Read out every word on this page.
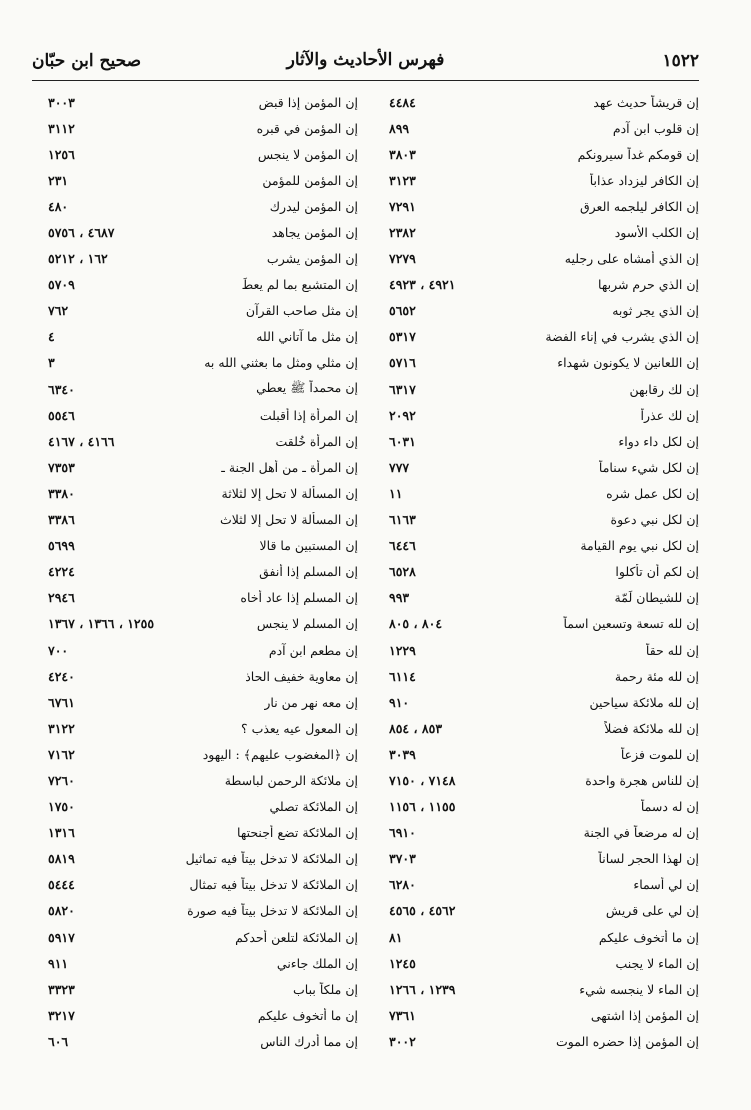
١٥٢٢
فهرس الأحاديث والآثار
صحيح ابن حبّان
إن قريشاً حديث عهد
٤٤٨٤
إن قلوب ابن آدم
٨٩٩
إن قومكم غداً سيرونكم
٣٨٠٣
إن الكافر ليزداد عذاباً
٣١٢٣
إن الكافر ليلجمه العرق
٧٢٩١
إن الكلب الأسود
٢٣٨٢
إن الذي أمشاه على رجليه
٧٢٧٩
إن الذي حرم شربها
٤٩٢١ ، ٤٩٢٣
إن الذي يجر ثوبه
٥٦٥٢
إن الذي يشرب في إناء الفضة
٥٣١٧
إن اللعانين لا يكونون شهداء
٥٧١٦
إن لك رقابهن
٦٣١٧
إن لك عذراً
٢٠٩٢
إن لكل داء دواء
٦٠٣١
إن لكل شيء سناماً
٧٧٧
إن لكل عمل شره
١١
إن لكل نبي دعوة
٦١٦٣
إن لكل نبي يوم القيامة
٦٤٤٦
إن لكم أن تأكلوا
٦٥٢٨
إن للشيطان لَمّة
٩٩٣
إن لله تسعة وتسعين اسماً
٨٠٤ ، ٨٠٥
إن لله حقاً
١٢٢٩
إن لله مئة رحمة
٦١١٤
إن لله ملائكة سياحين
٩١٠
إن لله ملائكة فضلاً
٨٥٣ ، ٨٥٤
إن للموت فزعاً
٣٠٣٩
إن للناس هجرة واحدة
٧١٤٨ ، ٧١٥٠
إن له دسماً
١١٥٥ ، ١١٥٦
إن له مرضعاً في الجنة
٦٩١٠
إن لهذا الحجر لساناً
٣٧٠٣
إن لي أسماء
٦٢٨٠
إن لي على قريش
٤٥٦٢ ، ٤٥٦٥
إن ما أتخوف عليكم
٨١
إن الماء لا يجنب
١٢٤٥
إن الماء لا ينجسه شيء
١٢٣٩ ، ١٢٦٦
إن المؤمن إذا اشتهى
٧٣٦١
إن المؤمن إذا حضره الموت
٣٠٠٢
إن المؤمن إذا قبض
٣٠٠٣
إن المؤمن في قبره
٣١١٢
إن المؤمن لا ينجس
١٢٥٦
إن المؤمن للمؤمن
٢٣١
إن المؤمن ليدرك
٤٨٠
إن المؤمن يجاهد
٤٦٨٧ ، ٥٧٥٦
إن المؤمن يشرب
١٦٢ ، ٥٢١٢
إن المتشبع بما لم يعطَ
٥٧٠٩
إن مثل صاحب القرآن
٧٦٢
إن مثل ما آتاني الله
٤
إن مثلي ومثل ما بعثني الله به
٣
إن محمداً ﷺ يعطي
٦٣٤٠
إن المرأة إذا أقبلت
٥٥٤٦
إن المرأة خُلقت
٤١٦٦ ، ٤١٦٧
إن المرأة ـ من أهل الجنة ـ
٧٣٥٣
إن المسألة لا تحل إلا لثلاثة
٣٣٨٠
إن المسألة لا تحل إلا لثلاث
٣٣٨٦
إن المستبين ما قالا
٥٦٩٩
إن المسلم إذا أنفق
٤٢٢٤
إن المسلم إذا عاد أخاه
٢٩٤٦
إن المسلم لا ينجس
١٢٥٥ ، ١٣٦٦ ، ١٣٦٧
إن مطعم ابن آدم
٧٠٠
إن معاوية خفيف الحاذ
٤٢٤٠
إن معه نهر من نار
٦٧٦١
إن المعول عيه يعذب ؟
٣١٢٢
إن ﴿المغضوب عليهم﴾ : اليهود
٧١٦٢
إن ملائكة الرحمن لباسطة
٧٢٦٠
إن الملائكة تصلي
١٧٥٠
إن الملائكة تضع أجنحتها
١٣١٦
إن الملائكة لا تدخل بيتاً فيه تماثيل
٥٨١٩
إن الملائكة لا تدخل بيتاً فيه تمثال
٥٤٤٤
إن الملائكة لا تدخل بيتاً فيه صورة
٥٨٢٠
إن الملائكة لتلعن أحدكم
٥٩١٧
إن الملك جاءني
٩١١
إن ملكاً بباب
٣٣٢٣
إن ما أتخوف عليكم
٣٢١٧
إن مما أدرك الناس
٦٠٦
